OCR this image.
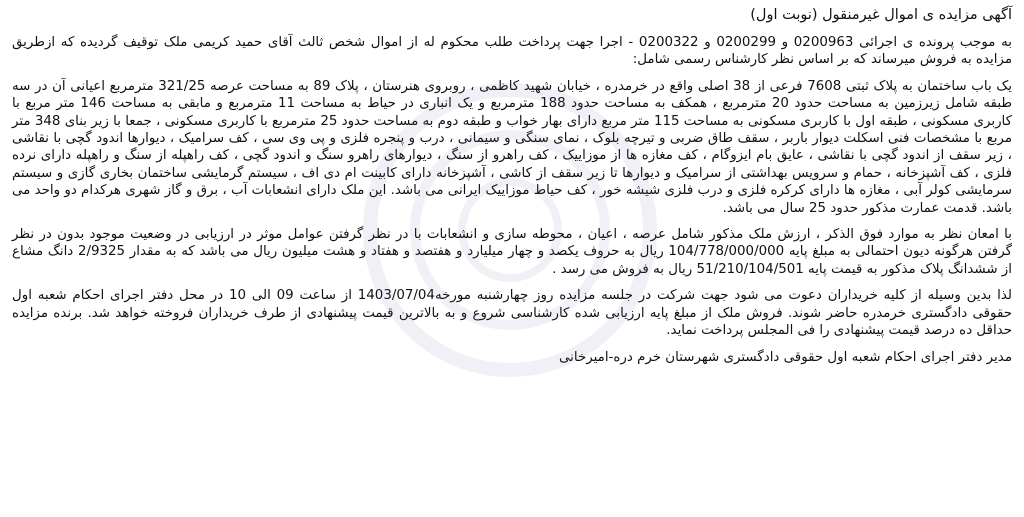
آگهی مزایده ی اموال غیرمنقول (نوبت اول)

به موجب پرونده ی اجرائی 0200963 و 0200299 و 0200322 - اجرا جهت پرداخت طلب محکوم له از اموال شخص ثالث آقای حمید کریمی ملک توقیف گردیده که ازطریق مزایده به فروش میرساند که بر اساس نظر کارشناس رسمی شامل:

یک باب ساختمان به پلاک ثبتی 7608 فرعی از 38 اصلی واقع در خرمدره ، خیابان شهید کاظمی ، روبروی هنرستان ، پلاک 89 به مساحت عرصه 321/25 مترمربع اعیانی آن در سه طبقه شامل زیرزمین به مساحت حدود 20 مترمربع ، همکف به مساحت حدود 188 مترمربع و یک انباری در حیاط به مساحت 11 مترمربع و مابقی به مساحت 146 متر مربع با کاربری مسکونی ، طبقه اول با کاربری مسکونی به مساحت 115 متر مربع دارای بهار خواب و طبقه دوم به مساحت حدود 25 مترمربع با کاربری مسکونی ، جمعا با زیر بنای 348 متر مربع با مشخصات فنی اسکلت دیوار باربر ، سقف طاق ضربی و تیرچه بلوک ، نمای سنگی و سیمانی ، درب و پنجره فلزی و پی وی سی ، کف سرامیک ، دیوارها اندود گچی با نقاشی ، زیر سقف از اندود گچی با نقاشی ، عایق بام ایزوگام ، کف مغازه ها از موزاییک ، کف راهرو از سنگ ، دیوارهای راهرو سنگ و اندود گچی ، کف راهپله از سنگ و راهپله دارای نرده فلزی ، کف آشپزخانه ، حمام و سرویس بهداشتی از سرامیک و دیوارها تا زیر سقف از کاشی ، آشپزخانه دارای کابینت ام دی اف ، سیستم گرمایشی ساختمان بخاری گازی و سیستم سرمایشی کولر آبی ، مغازه ها دارای کرکره فلزی و درب فلزی شیشه خور ، کف حیاط موزاییک ایرانی می باشد. این ملک دارای انشعابات آب ، برق و گاز شهری هرکدام دو واحد می باشد. قدمت عمارت مذکور حدود 25 سال می باشد.

با امعان نظر به موارد فوق الذکر ، ارزش ملک مذکور شامل عرصه ، اعیان ، محوطه سازی و انشعابات با در نظر گرفتن عوامل موثر در ارزیابی در وضعیت موجود بدون در نظر گرفتن هرگونه دیون احتمالی به مبلغ پایه 104/778/000/000 ریال به حروف یکصد و چهار میلیارد و هفتصد و هفتاد و هشت میلیون ریال می باشد که به مقدار 2/9325 دانگ مشاع از ششدانگ پلاک مذکور به قیمت پایه 51/210/104/501 ریال به فروش می رسد .

لذا بدین وسیله از کلیه خریداران دعوت می شود جهت شرکت در جلسه مزایده روز چهارشنبه مورخه1403/07/04 از ساعت 09 الی 10 در محل دفتر اجرای احکام شعبه اول حقوقی دادگستری خرمدره حاضر شوند. فروش ملک از مبلغ پایه ارزیابی شده کارشناسی شروع و به بالاترین قیمت پیشنهادی از طرف خریداران فروخته خواهد شد. برنده مزایده حداقل ده درصد قیمت پیشنهادی را فی المجلس پرداخت نماید.

مدیر دفتر اجرای احکام شعبه اول حقوقی دادگستری شهرستان خرم دره-امیرخانی
